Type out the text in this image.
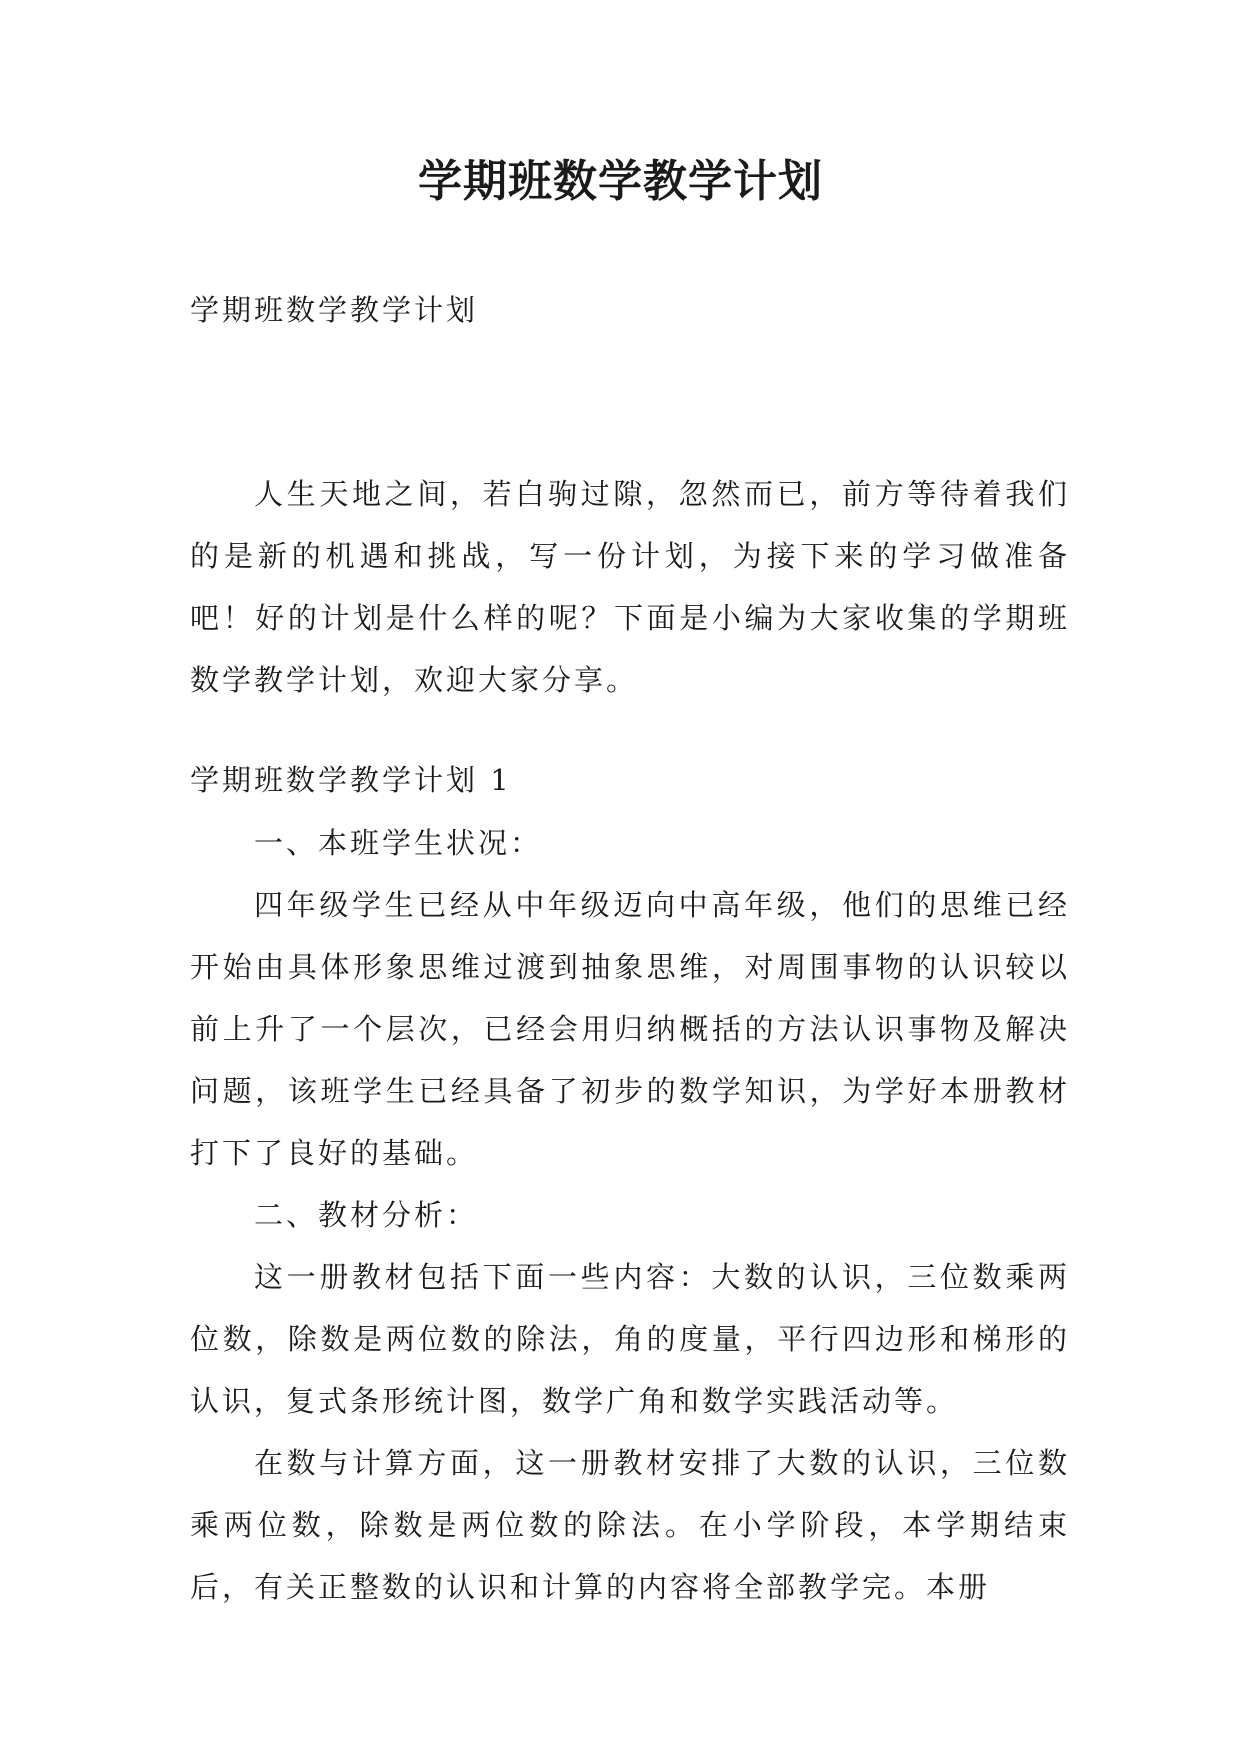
学期班数学教学计划
学期班数学教学计划

人生天地之间，若白驹过隙，忽然而已，前方等待着我们的是新的机遇和挑战，写一份计划，为接下来的学习做准备吧！好的计划是什么样的呢？下面是小编为大家收集的学期班数学教学计划，欢迎大家分享。

学期班数学教学计划 1

一、本班学生状况：

四年级学生已经从中年级迈向中高年级，他们的思维已经开始由具体形象思维过渡到抽象思维，对周围事物的认识较以前上升了一个层次，已经会用归纳概括的方法认识事物及解决问题，该班学生已经具备了初步的数学知识，为学好本册教材打下了良好的基础。

二、教材分析：

这一册教材包括下面一些内容：大数的认识，三位数乘两位数，除数是两位数的除法，角的度量，平行四边形和梯形的认识，复式条形统计图，数学广角和数学实践活动等。

在数与计算方面，这一册教材安排了大数的认识，三位数乘两位数，除数是两位数的除法。在小学阶段，本学期结束后，有关正整数的认识和计算的内容将全部教学完。本册
